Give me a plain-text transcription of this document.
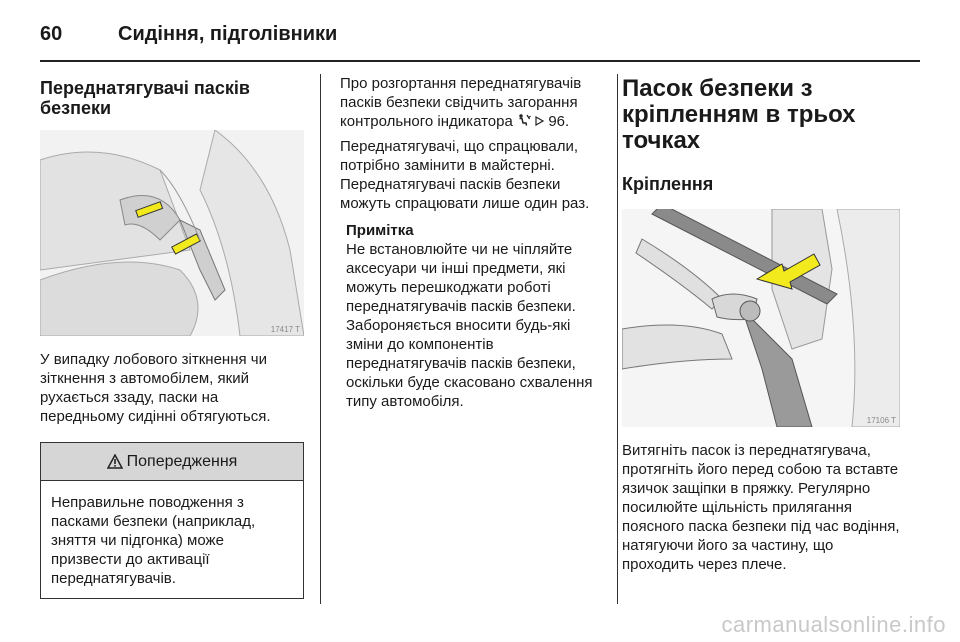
60	Сидіння, підголівники
Переднатягувачі пасків безпеки
17417 T

У випадку лобового зіткнення чи зіткнення з автомобілем, який рухається ззаду, паски на передньому сидінні обтягуються.

Попередження

Неправильне поводження з пасками безпеки (наприклад, зняття чи підгонка) може призвести до активації переднатягувачів.

Про розгортання переднатягувачів пасків безпеки свідчить загорання контрольного індикатора 96.

Переднатягувачі, що спрацювали, потрібно замінити в майстерні. Переднатягувачі пасків безпеки можуть спрацювати лише один раз.

Примітка

Не встановлюйте чи не чіпляйте аксесуари чи інші предмети, які можуть перешкоджати роботі переднатягувачів пасків безпеки. Забороняється вносити будь-які зміни до компонентів переднатягувачів пасків безпеки, оскільки буде скасовано схвалення типу автомобіля.

Пасок безпеки з кріпленням в трьох точках
Кріплення
17106 T

Витягніть пасок із переднатягувача, протягніть його перед собою та вставте язичок защіпки в пряжку. Регулярно посилюйте щільність прилягання поясного паска безпеки під час водіння, натягуючи його за частину, що проходить через плече.

carmanualsonline.info
